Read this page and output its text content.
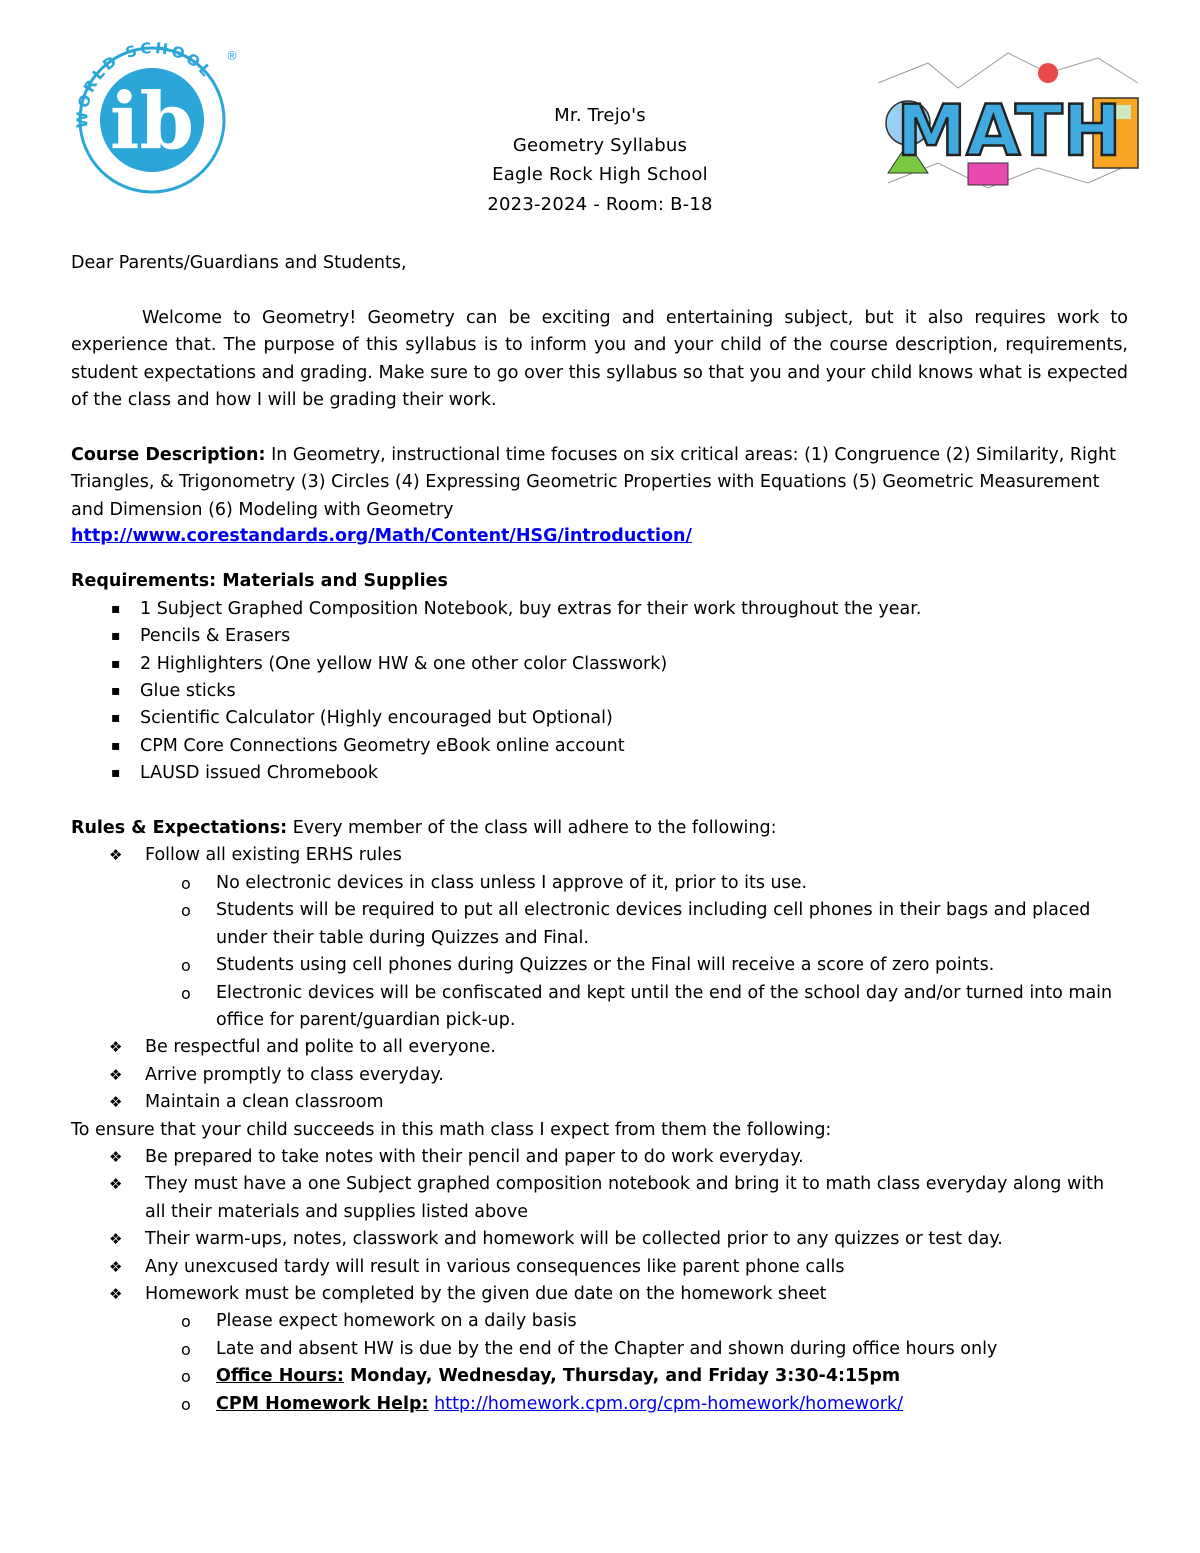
WORLD SCHOOL
ib
®
MATH
Mr. Trejo's
Geometry Syllabus
Eagle Rock High School
2023-2024 - Room: B-18

Dear Parents/Guardians and Students,

Welcome to Geometry! Geometry can be exciting and entertaining subject, but it also requires work to experience that. The purpose of this syllabus is to inform you and your child of the course description, requirements, student expectations and grading. Make sure to go over this syllabus so that you and your child knows what is expected of the class and how I will be grading their work.

Course Description: In Geometry, instructional time focuses on six critical areas: (1) Congruence (2) Similarity, Right Triangles, & Trigonometry (3) Circles (4) Expressing Geometric Properties with Equations (5) Geometric Measurement and Dimension (6) Modeling with Geometry

http://www.corestandards.org/Math/Content/HSG/introduction/

Requirements: Materials and Supplies

▪ 1 Subject Graphed Composition Notebook, buy extras for their work throughout the year.
▪ Pencils & Erasers
▪ 2 Highlighters (One yellow HW & one other color Classwork)
▪ Glue sticks
▪ Scientific Calculator (Highly encouraged but Optional)
▪ CPM Core Connections Geometry eBook online account
▪ LAUSD issued Chromebook

Rules & Expectations: Every member of the class will adhere to the following:

❖ Follow all existing ERHS rules
o No electronic devices in class unless I approve of it, prior to its use.
o Students will be required to put all electronic devices including cell phones in their bags and placed under their table during Quizzes and Final.
o Students using cell phones during Quizzes or the Final will receive a score of zero points.
o Electronic devices will be confiscated and kept until the end of the school day and/or turned into main office for parent/guardian pick-up.
❖ Be respectful and polite to all everyone.
❖ Arrive promptly to class everyday.
❖ Maintain a clean classroom

To ensure that your child succeeds in this math class I expect from them the following:

❖ Be prepared to take notes with their pencil and paper to do work everyday.
❖ They must have a one Subject graphed composition notebook and bring it to math class everyday along with all their materials and supplies listed above
❖ Their warm-ups, notes, classwork and homework will be collected prior to any quizzes or test day.
❖ Any unexcused tardy will result in various consequences like parent phone calls
❖ Homework must be completed by the given due date on the homework sheet
o Please expect homework on a daily basis
o Late and absent HW is due by the end of the Chapter and shown during office hours only
o Office Hours: Monday, Wednesday, Thursday, and Friday 3:30-4:15pm
o CPM Homework Help: http://homework.cpm.org/cpm-homework/homework/
